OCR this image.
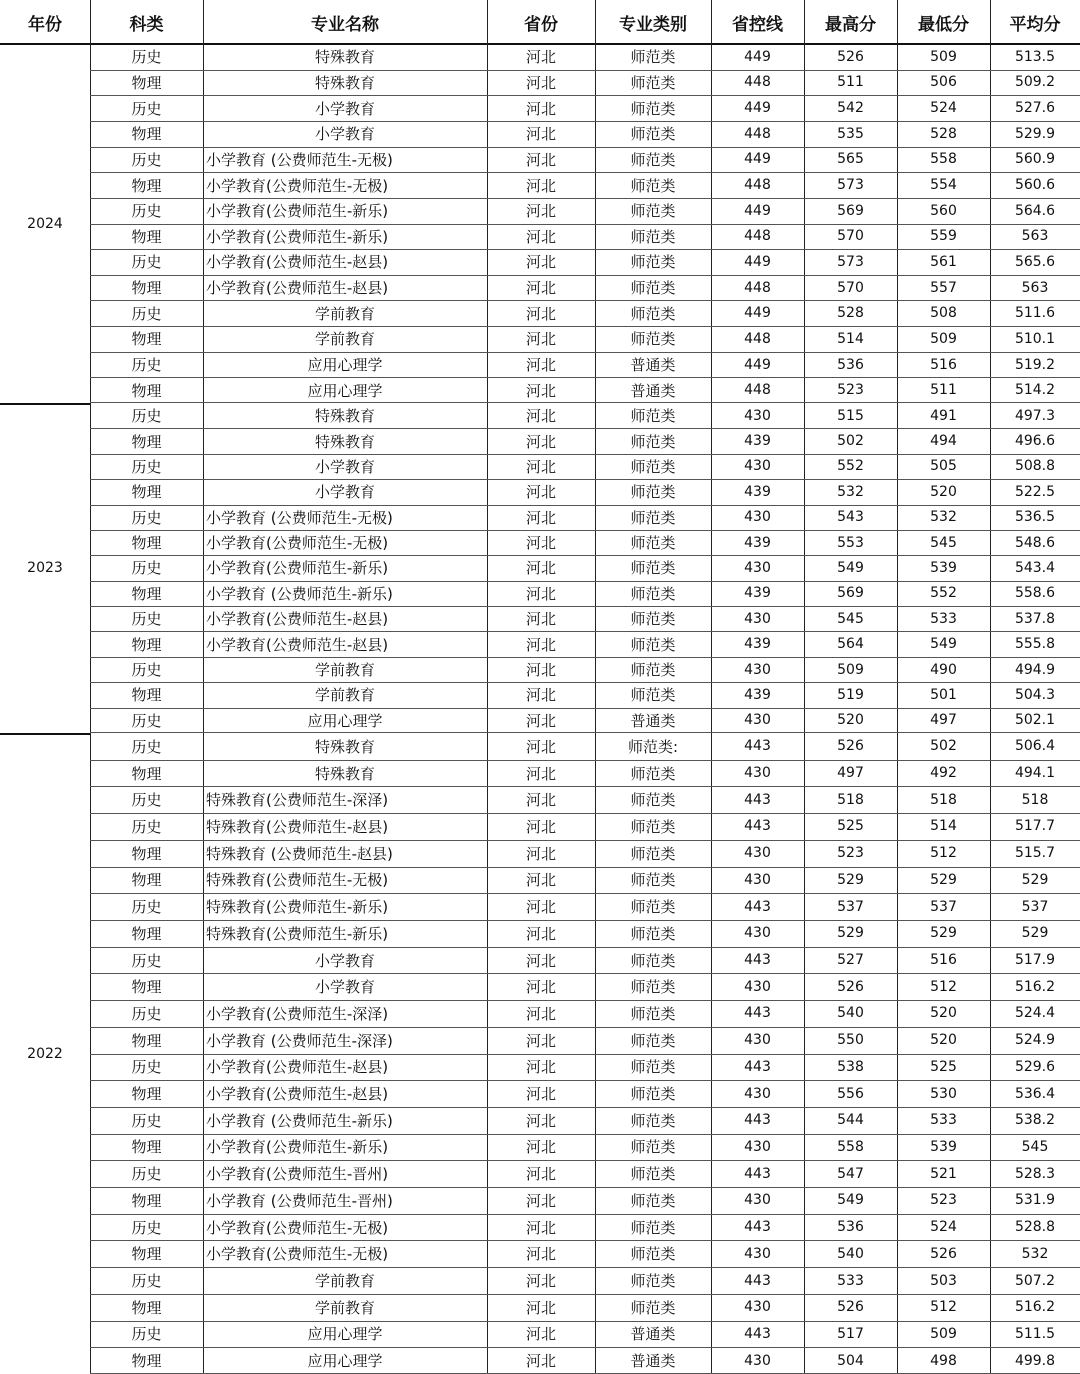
年份	科类	专业名称	省份	专业类别	省控线	最高分	最低分	平均分
2024
历史	特殊教育	河北	师范类	449	526	509	513.5
物理	特殊教育	河北	师范类	448	511	506	509.2
历史	小学教育	河北	师范类	449	542	524	527.6
物理	小学教育	河北	师范类	448	535	528	529.9
历史	小学教育 (公费师范生-无极)	河北	师范类	449	565	558	560.9
物理	小学教育(公费师范生-无极)	河北	师范类	448	573	554	560.6
历史	小学教育(公费师范生-新乐)	河北	师范类	449	569	560	564.6
物理	小学教育(公费师范生-新乐)	河北	师范类	448	570	559	563
历史	小学教育(公费师范生-赵县)	河北	师范类	449	573	561	565.6
物理	小学教育(公费师范生-赵县)	河北	师范类	448	570	557	563
历史	学前教育	河北	师范类	449	528	508	511.6
物理	学前教育	河北	师范类	448	514	509	510.1
历史	应用心理学	河北	普通类	449	536	516	519.2
物理	应用心理学	河北	普通类	448	523	511	514.2
2023
历史	特殊教育	河北	师范类	430	515	491	497.3
物理	特殊教育	河北	师范类	439	502	494	496.6
历史	小学教育	河北	师范类	430	552	505	508.8
物理	小学教育	河北	师范类	439	532	520	522.5
历史	小学教育 (公费师范生-无极)	河北	师范类	430	543	532	536.5
物理	小学教育(公费师范生-无极)	河北	师范类	439	553	545	548.6
历史	小学教育(公费师范生-新乐)	河北	师范类	430	549	539	543.4
物理	小学教育 (公费师范生-新乐)	河北	师范类	439	569	552	558.6
历史	小学教育(公费师范生-赵县)	河北	师范类	430	545	533	537.8
物理	小学教育(公费师范生-赵县)	河北	师范类	439	564	549	555.8
历史	学前教育	河北	师范类	430	509	490	494.9
物理	学前教育	河北	师范类	439	519	501	504.3
历史	应用心理学	河北	普通类	430	520	497	502.1
2022
历史	特殊教育	河北	师范类:	443	526	502	506.4
物理	特殊教育	河北	师范类	430	497	492	494.1
历史	特殊教育(公费师范生-深泽)	河北	师范类	443	518	518	518
历史	特殊教育(公费师范生-赵县)	河北	师范类	443	525	514	517.7
物理	特殊教育 (公费师范生-赵县)	河北	师范类	430	523	512	515.7
物理	特殊教育(公费师范生-无极)	河北	师范类	430	529	529	529
历史	特殊教育(公费师范生-新乐)	河北	师范类	443	537	537	537
物理	特殊教育(公费师范生-新乐)	河北	师范类	430	529	529	529
历史	小学教育	河北	师范类	443	527	516	517.9
物理	小学教育	河北	师范类	430	526	512	516.2
历史	小学教育(公费师范生-深泽)	河北	师范类	443	540	520	524.4
物理	小学教育 (公费师范生-深泽)	河北	师范类	430	550	520	524.9
历史	小学教育(公费师范生-赵县)	河北	师范类	443	538	525	529.6
物理	小学教育(公费师范生-赵县)	河北	师范类	430	556	530	536.4
历史	小学教育 (公费师范生-新乐)	河北	师范类	443	544	533	538.2
物理	小学教育(公费师范生-新乐)	河北	师范类	430	558	539	545
历史	小学教育(公费师范生-晋州)	河北	师范类	443	547	521	528.3
物理	小学教育 (公费师范生-晋州)	河北	师范类	430	549	523	531.9
历史	小学教育(公费师范生-无极)	河北	师范类	443	536	524	528.8
物理	小学教育(公费师范生-无极)	河北	师范类	430	540	526	532
历史	学前教育	河北	师范类	443	533	503	507.2
物理	学前教育	河北	师范类	430	526	512	516.2
历史	应用心理学	河北	普通类	443	517	509	511.5
物理	应用心理学	河北	普通类	430	504	498	499.8
